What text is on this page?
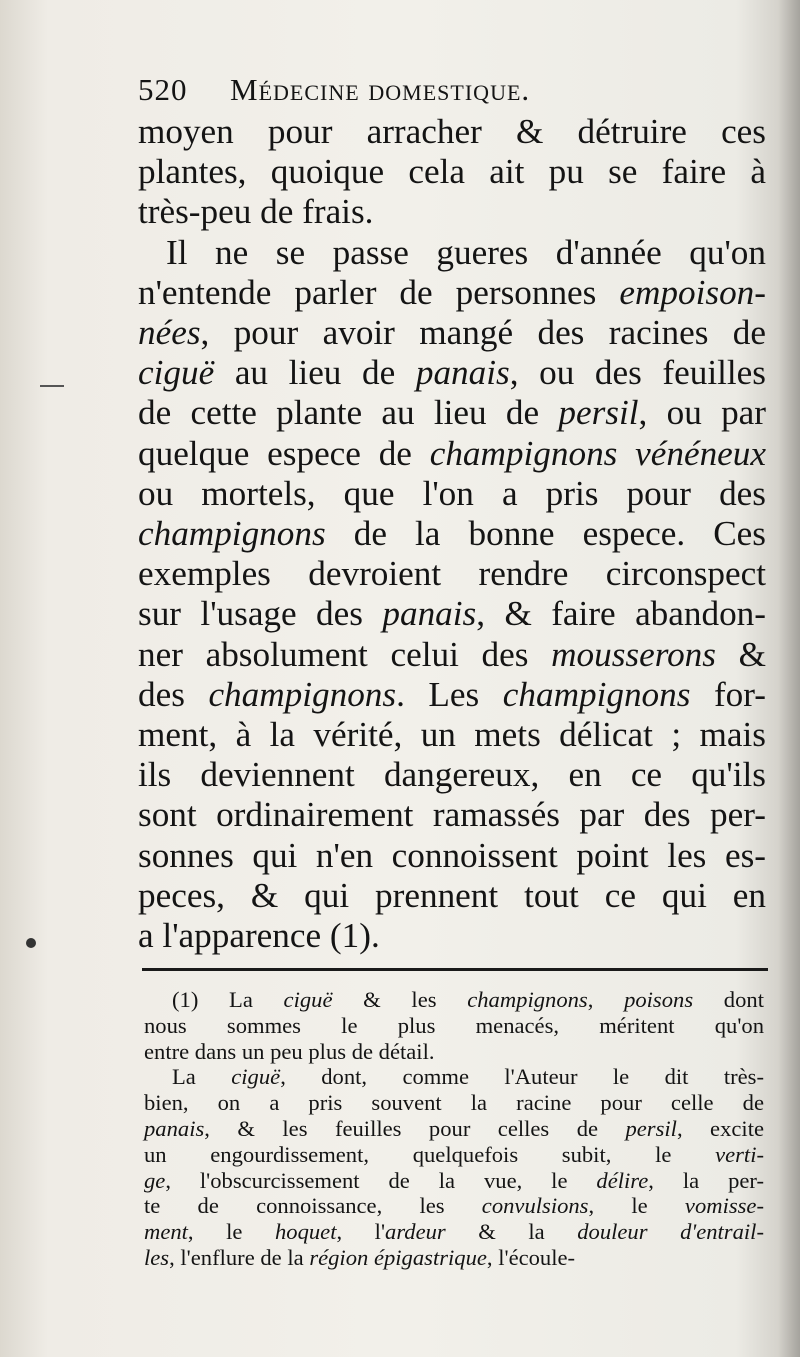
520 Médecine domestique.
moyen pour arracher & détruire ces
plantes, quoique cela ait pu se faire à
très-peu de frais.
Il ne se passe gueres d'année qu'on
n'entende parler de personnes empoison-
nées, pour avoir mangé des racines de
ciguë au lieu de panais, ou des feuilles
de cette plante au lieu de persil, ou par
quelque espece de champignons vénéneux
ou mortels, que l'on a pris pour des
champignons de la bonne espece. Ces
exemples devroient rendre circonspect
sur l'usage des panais, & faire abandon-
ner absolument celui des mousserons &
des champignons. Les champignons for-
ment, à la vérité, un mets délicat ; mais
ils deviennent dangereux, en ce qu'ils
sont ordinairement ramassés par des per-
sonnes qui n'en connoissent point les es-
peces, & qui prennent tout ce qui en
a l'apparence (1).
(1) La ciguë & les champignons, poisons dont
nous sommes le plus menacés, méritent qu'on
entre dans un peu plus de détail.
La ciguë, dont, comme l'Auteur le dit très-
bien, on a pris souvent la racine pour celle de
panais, & les feuilles pour celles de persil, excite
un engourdissement, quelquefois subit, le verti-
ge, l'obscurcissement de la vue, le délire, la per-
te de connoissance, les convulsions, le vomisse-
ment, le hoquet, l'ardeur & la douleur d'entrail-
les, l'enflure de la région épigastrique, l'écoule-
